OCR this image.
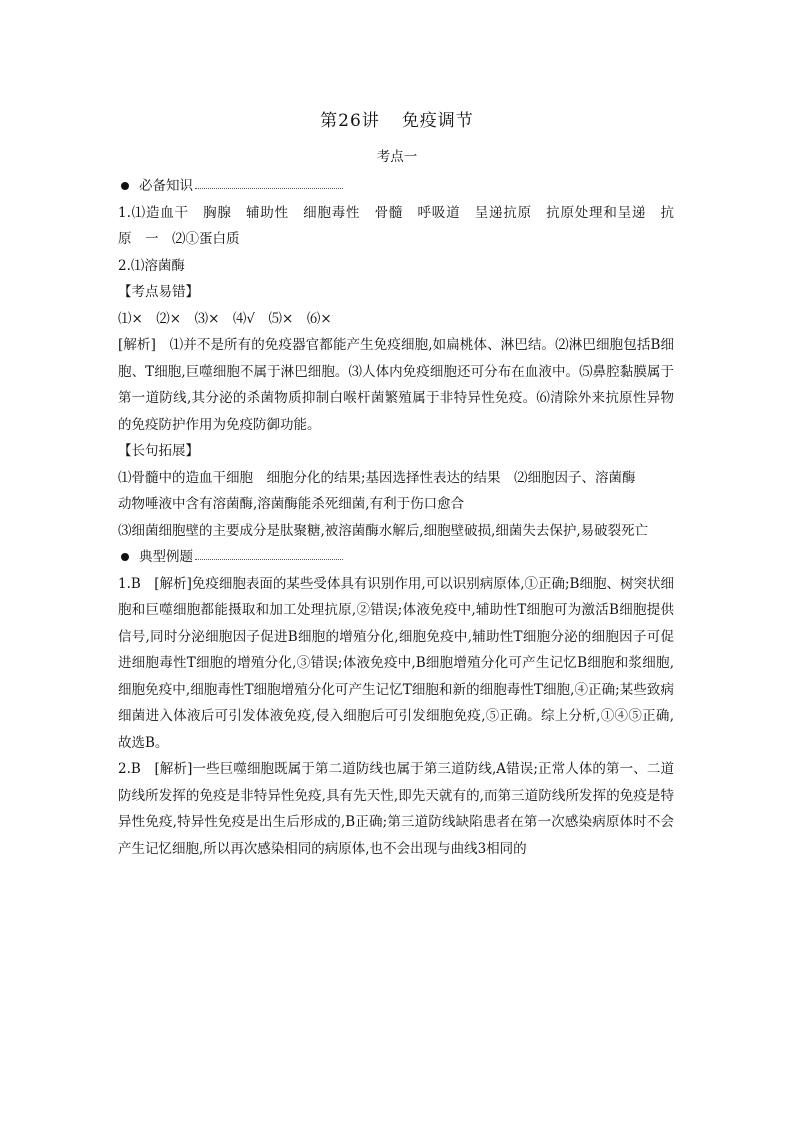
第26讲 免疫调节
考点一
必备知识
1.⑴造血干　胸腺　辅助性　细胞毒性　骨髓　呼吸道　呈递抗原　抗原处理和呈递　抗
原　一　⑵①蛋白质
2.⑴溶菌酶
【考点易错】
⑴×　⑵×　⑶×　⑷√　⑸×　⑹×
[解析]　⑴并不是所有的免疫器官都能产生免疫细胞,如扁桃体、淋巴结。⑵淋巴细胞包括B细胞、T细胞,巨噬细胞不属于淋巴细胞。⑶人体内免疫细胞还可分布在血液中。⑸鼻腔黏膜属于第一道防线,其分泌的杀菌物质抑制白喉杆菌繁殖属于非特异性免疫。⑹清除外来抗原性异物的免疫防护作用为免疫防御功能。
【长句拓展】
⑴骨髓中的造血干细胞　细胞分化的结果;基因选择性表达的结果　⑵细胞因子、溶菌酶
动物唾液中含有溶菌酶,溶菌酶能杀死细菌,有利于伤口愈合
⑶细菌细胞壁的主要成分是肽聚糖,被溶菌酶水解后,细胞壁破损,细菌失去保护,易破裂死亡
典型例题
1.B　[解析]免疫细胞表面的某些受体具有识别作用,可以识别病原体,①正确;B细胞、树突状细胞和巨噬细胞都能摄取和加工处理抗原,②错误;体液免疫中,辅助性T细胞可为激活B细胞提供信号,同时分泌细胞因子促进B细胞的增殖分化,细胞免疫中,辅助性T细胞分泌的细胞因子可促进细胞毒性T细胞的增殖分化,③错误;体液免疫中,B细胞增殖分化可产生记忆B细胞和浆细胞,细胞免疫中,细胞毒性T细胞增殖分化可产生记忆T细胞和新的细胞毒性T细胞,④正确;某些致病细菌进入体液后可引发体液免疫,侵入细胞后可引发细胞免疫,⑤正确。综上分析,①④⑤正确,故选B。
2.B　[解析]一些巨噬细胞既属于第二道防线也属于第三道防线,A错误;正常人体的第一、二道防线所发挥的免疫是非特异性免疫,具有先天性,即先天就有的,而第三道防线所发挥的免疫是特异性免疫,特异性免疫是出生后形成的,B正确;第三道防线缺陷患者在第一次感染病原体时不会产生记忆细胞,所以再次感染相同的病原体,也不会出现与曲线3相同的
